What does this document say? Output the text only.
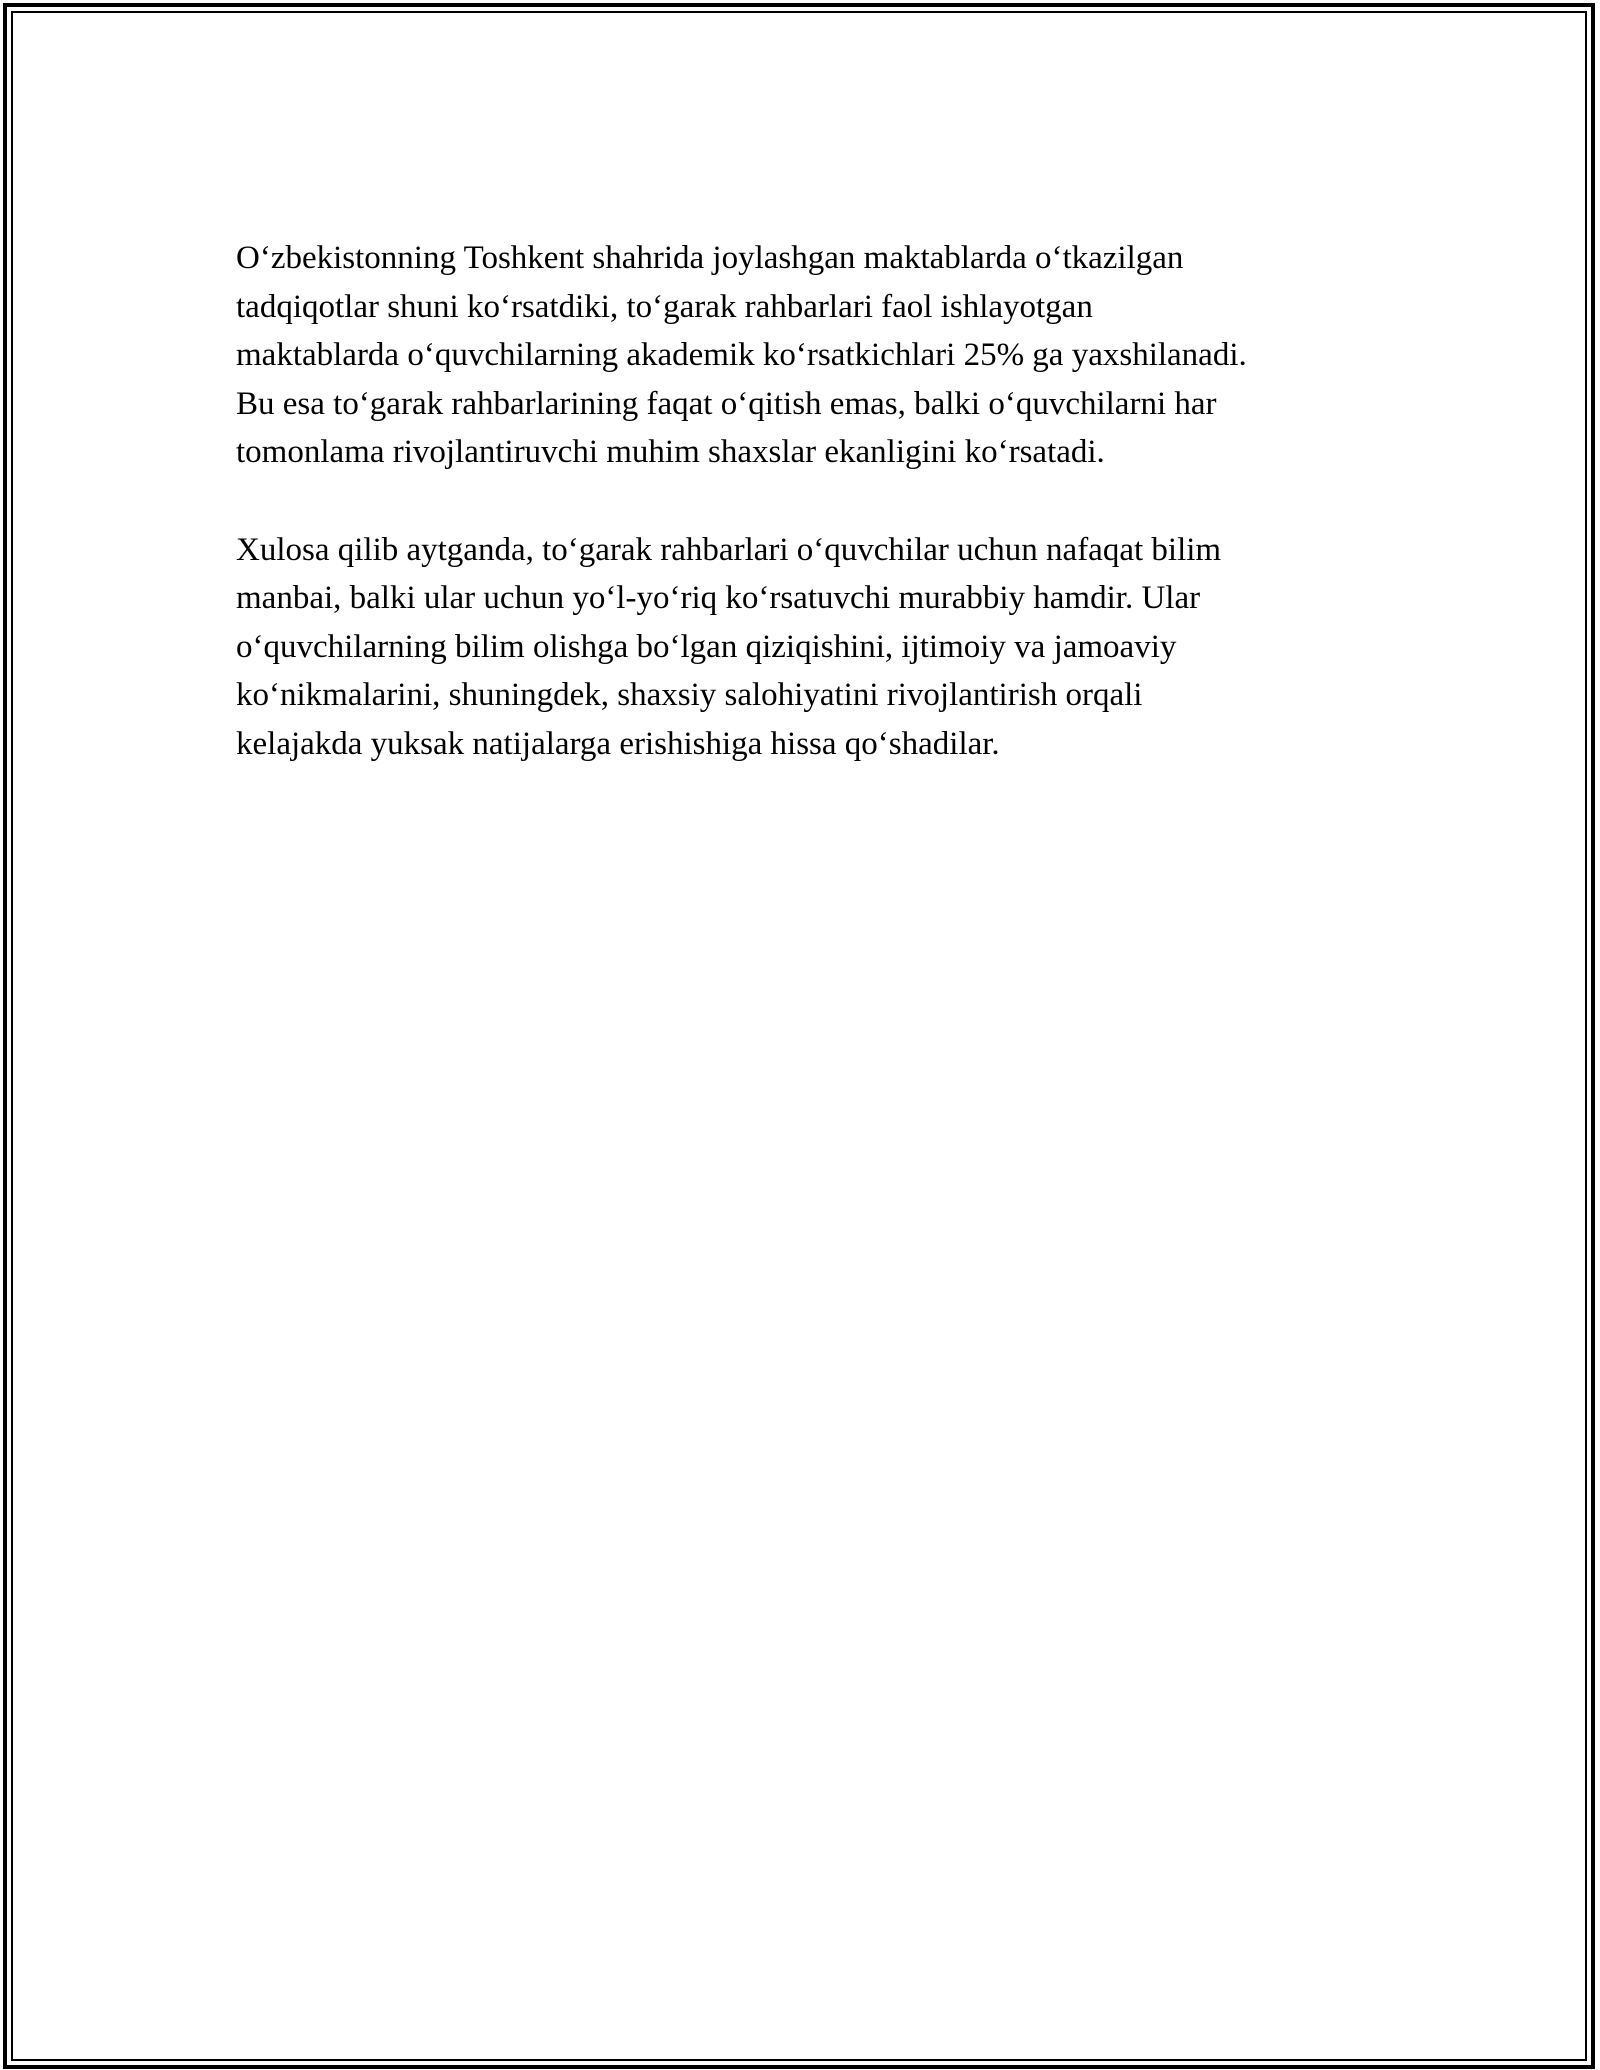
Oʻzbekistonning Toshkent shahrida joylashgan maktablarda oʻtkazilgan
tadqiqotlar shuni koʻrsatdiki, toʻgarak rahbarlari faol ishlayotgan
maktablarda oʻquvchilarning akademik koʻrsatkichlari 25% ga yaxshilanadi.
Bu esa toʻgarak rahbarlarining faqat oʻqitish emas, balki oʻquvchilarni har
tomonlama rivojlantiruvchi muhim shaxslar ekanligini koʻrsatadi.

Xulosa qilib aytganda, toʻgarak rahbarlari oʻquvchilar uchun nafaqat bilim
manbai, balki ular uchun yoʻl-yoʻriq koʻrsatuvchi murabbiy hamdir. Ular
oʻquvchilarning bilim olishga boʻlgan qiziqishini, ijtimoiy va jamoaviy
koʻnikmalarini, shuningdek, shaxsiy salohiyatini rivojlantirish orqali
kelajakda yuksak natijalarga erishishiga hissa qoʻshadilar.
